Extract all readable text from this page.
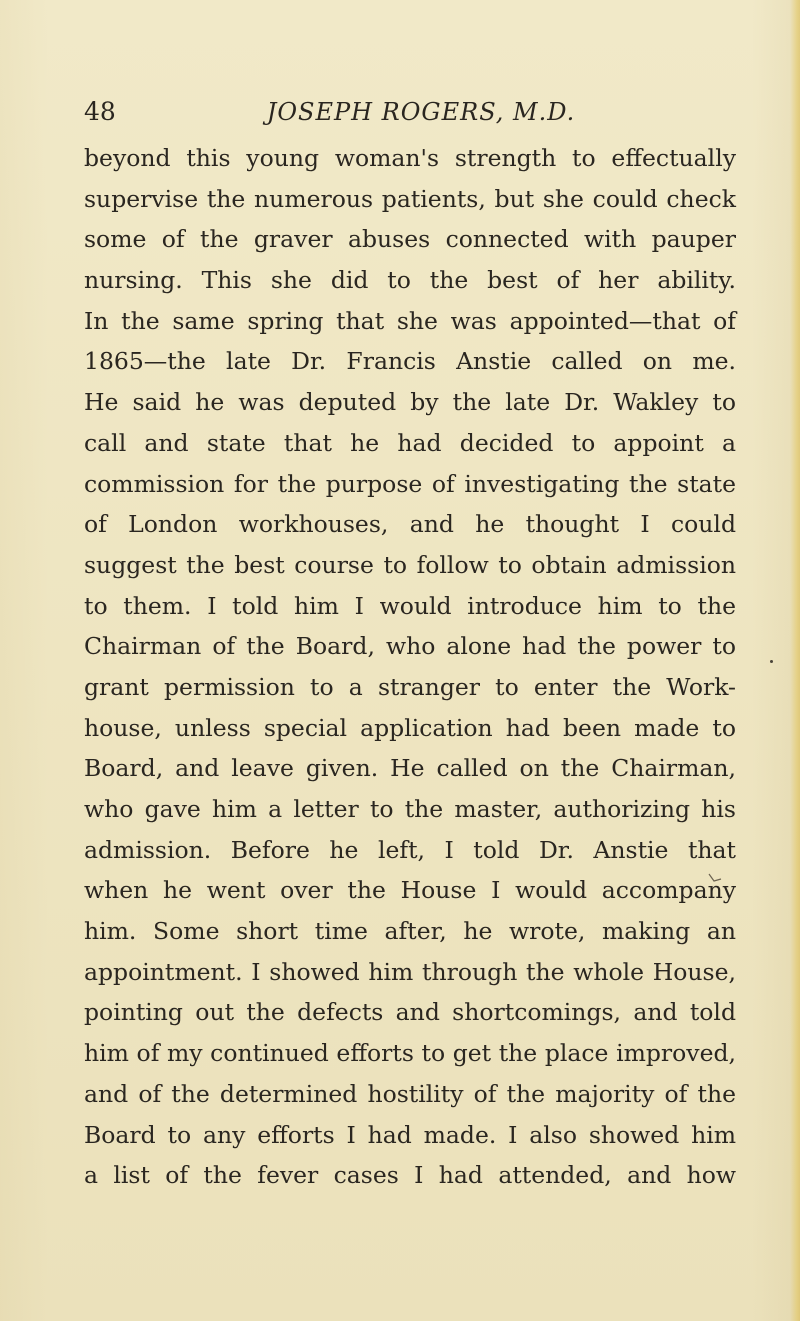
48	JOSEPH ROGERS, M.D.
beyond this young woman's strength to effectually
supervise the numerous patients, but she could check
some of the graver abuses connected with pauper
nursing. This she did to the best of her ability.
In the same spring that she was appointed—that of
1865—the late Dr. Francis Anstie called on me.
He said he was deputed by the late Dr. Wakley to
call and state that he had decided to appoint a
commission for the purpose of investigating the state
of London workhouses, and he thought I could
suggest the best course to follow to obtain admission
to them. I told him I would introduce him to the
Chairman of the Board, who alone had the power to
grant permission to a stranger to enter the Work-
house, unless special application had been made to
Board, and leave given. He called on the Chairman,
who gave him a letter to the master, authorizing his
admission. Before he left, I told Dr. Anstie that
when he went over the House I would accompany
him. Some short time after, he wrote, making an
appointment. I showed him through the whole House,
pointing out the defects and shortcomings, and told
him of my continued efforts to get the place improved,
and of the determined hostility of the majority of the
Board to any efforts I had made. I also showed him
a list of the fever cases I had attended, and how
